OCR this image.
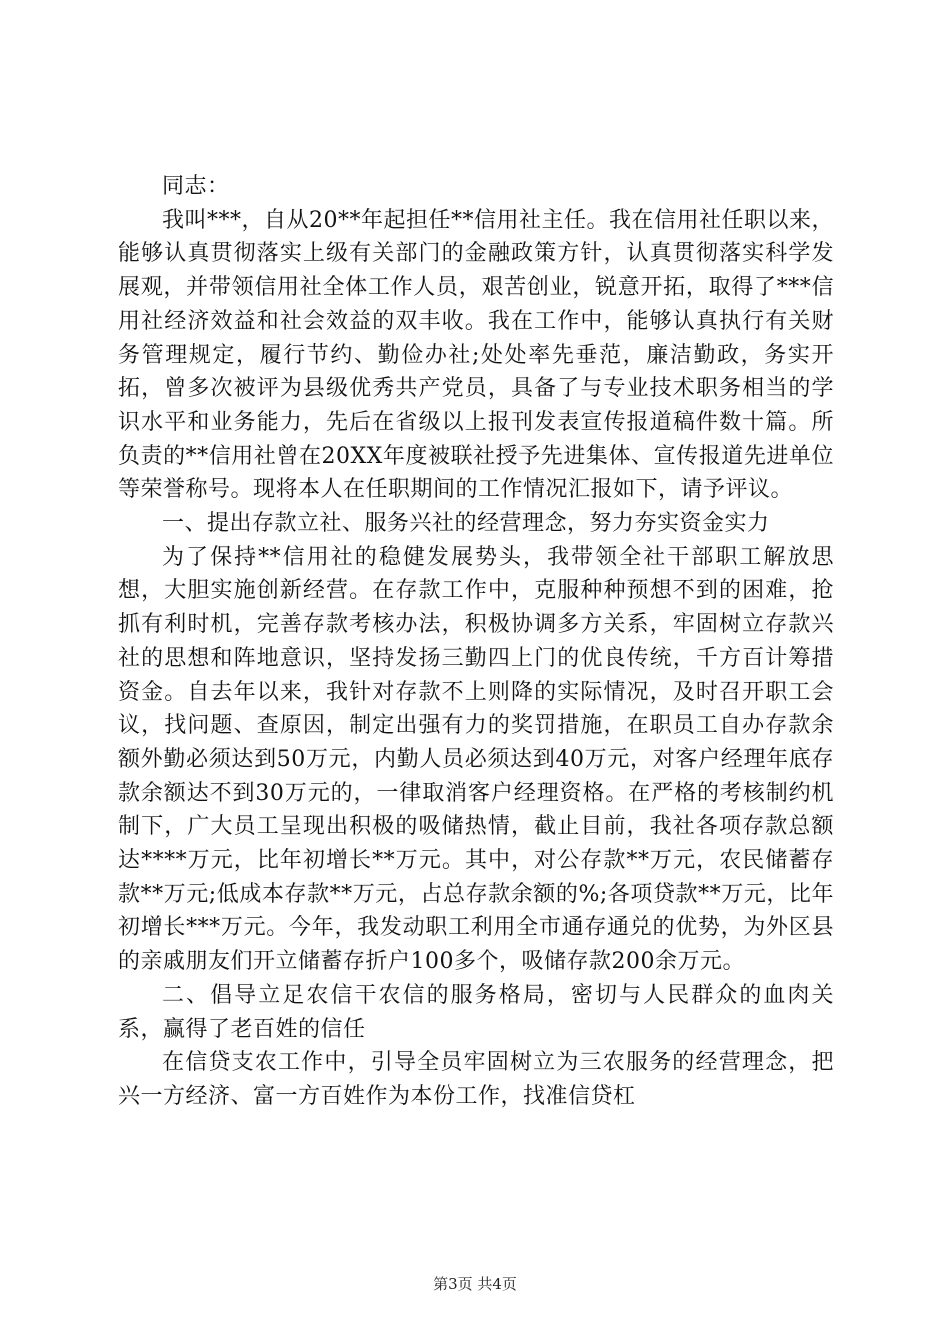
同志：

我叫***，自从20**年起担任**信用社主任。我在信用社任职以来，能够认真贯彻落实上级有关部门的金融政策方针，认真贯彻落实科学发展观，并带领信用社全体工作人员，艰苦创业，锐意开拓，取得了***信用社经济效益和社会效益的双丰收。我在工作中，能够认真执行有关财务管理规定，履行节约、勤俭办社;处处率先垂范，廉洁勤政，务实开拓，曾多次被评为县级优秀共产党员，具备了与专业技术职务相当的学识水平和业务能力，先后在省级以上报刊发表宣传报道稿件数十篇。所负责的**信用社曾在20XX年度被联社授予先进集体、宣传报道先进单位等荣誉称号。现将本人在任职期间的工作情况汇报如下，请予评议。

一、提出存款立社、服务兴社的经营理念，努力夯实资金实力

为了保持**信用社的稳健发展势头，我带领全社干部职工解放思想，大胆实施创新经营。在存款工作中，克服种种预想不到的困难，抢抓有利时机，完善存款考核办法，积极协调多方关系，牢固树立存款兴社的思想和阵地意识，坚持发扬三勤四上门的优良传统，千方百计筹措资金。自去年以来，我针对存款不上则降的实际情况，及时召开职工会议，找问题、查原因，制定出强有力的奖罚措施，在职员工自办存款余额外勤必须达到50万元，内勤人员必须达到40万元，对客户经理年底存款余额达不到30万元的，一律取消客户经理资格。在严格的考核制约机制下，广大员工呈现出积极的吸储热情，截止目前，我社各项存款总额达****万元，比年初增长**万元。其中，对公存款**万元，农民储蓄存款**万元;低成本存款**万元，占总存款余额的%;各项贷款**万元，比年初增长***万元。今年，我发动职工利用全市通存通兑的优势，为外区县的亲戚朋友们开立储蓄存折户100多个，吸储存款200余万元。

二、倡导立足农信干农信的服务格局，密切与人民群众的血肉关系，赢得了老百姓的信任

在信贷支农工作中，引导全员牢固树立为三农服务的经营理念，把兴一方经济、富一方百姓作为本份工作，找准信贷杠

第3页 共4页
